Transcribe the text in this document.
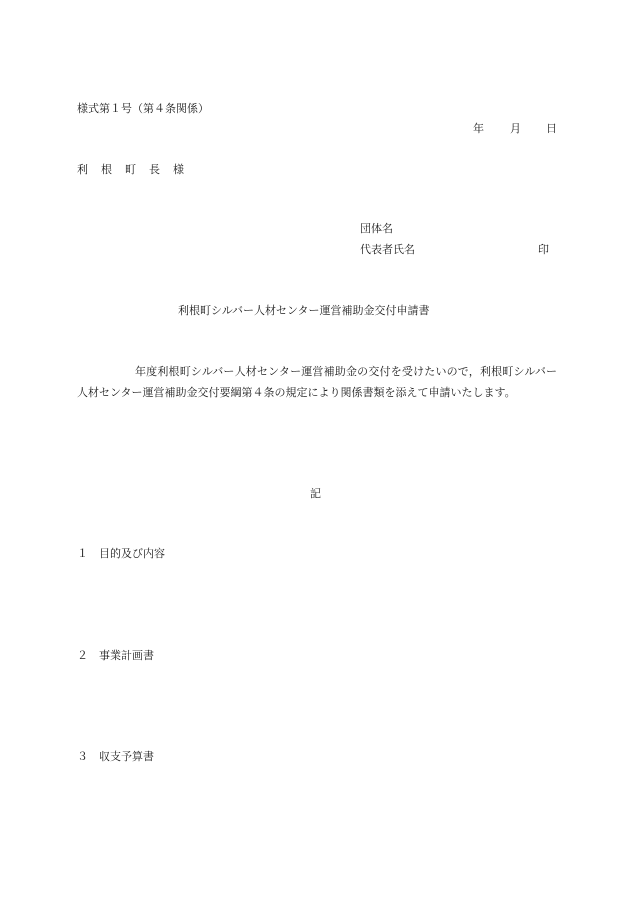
様式第１号（第４条関係）
年 月 日
利根町長様
団体名
代表者氏名	印
利根町シルバー人材センター運営補助金交付申請書
年度利根町シルバー人材センター運営補助金の交付を受けたいので，利根町シルバー人材センター運営補助金交付要綱第４条の規定により関係書類を添えて申請いたします。
記
１ 目的及び内容
２ 事業計画書
３ 収支予算書
